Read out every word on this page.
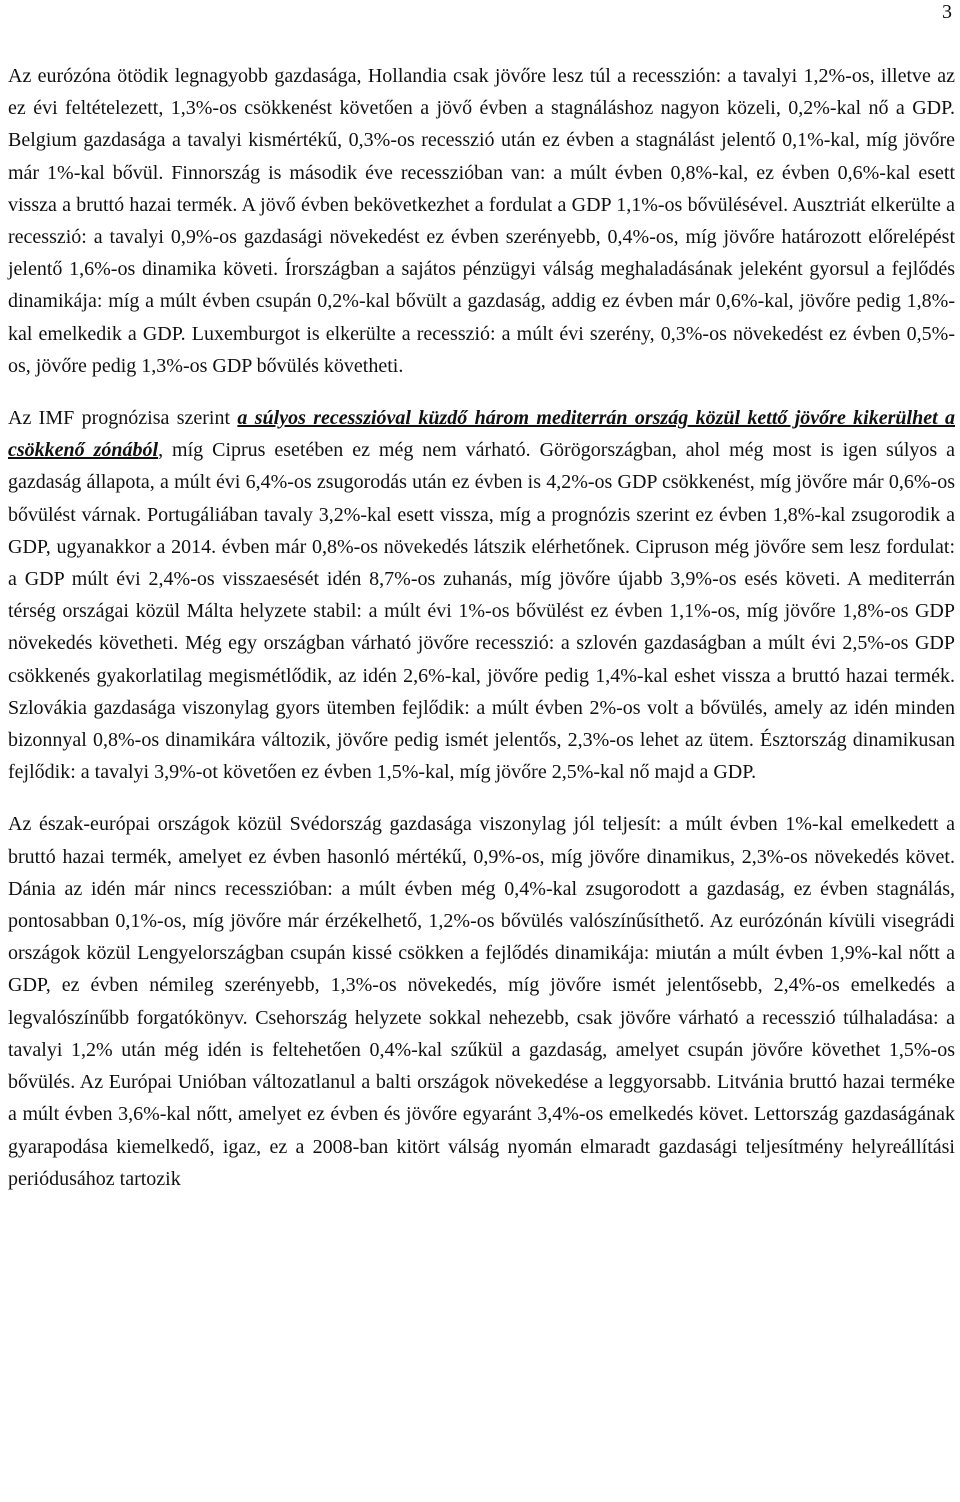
3

Az eurózóna ötödik legnagyobb gazdasága, Hollandia csak jövőre lesz túl a recesszión: a tavalyi 1,2%-os, illetve az ez évi feltételezett, 1,3%-os csökkenést követően a jövő évben a stagnáláshoz nagyon közeli, 0,2%-kal nő a GDP. Belgium gazdasága a tavalyi kismértékű, 0,3%-os recesszió után ez évben a stagnálást jelentő 0,1%-kal, míg jövőre már 1%-kal bővül. Finnország is második éve recesszióban van: a múlt évben 0,8%-kal, ez évben 0,6%-kal esett vissza a bruttó hazai termék. A jövő évben bekövetkezhet a fordulat a GDP 1,1%-os bővülésével. Ausztriát elkerülte a recesszió: a tavalyi 0,9%-os gazdasági növekedést ez évben szerényebb, 0,4%-os, míg jövőre határozott előrelépést jelentő 1,6%-os dinamika követi. Írországban a sajátos pénzügyi válság meghaladásának jeleként gyorsul a fejlődés dinamikája: míg a múlt évben csupán 0,2%-kal bővült a gazdaság, addig ez évben már 0,6%-kal, jövőre pedig 1,8%-kal emelkedik a GDP. Luxemburgot is elkerülte a recesszió: a múlt évi szerény, 0,3%-os növekedést ez évben 0,5%-os, jövőre pedig 1,3%-os GDP bővülés követheti.

Az IMF prognózisa szerint a súlyos recesszióval küzdő három mediterrán ország közül kettő jövőre kikerülhet a csökkenő zónából, míg Ciprus esetében ez még nem várható. Görögországban, ahol még most is igen súlyos a gazdaság állapota, a múlt évi 6,4%-os zsugorodás után ez évben is 4,2%-os GDP csökkenést, míg jövőre már 0,6%-os bővülést várnak. Portugáliában tavaly 3,2%-kal esett vissza, míg a prognózis szerint ez évben 1,8%-kal zsugorodik a GDP, ugyanakkor a 2014. évben már 0,8%-os növekedés látszik elérhetőnek. Cipruson még jövőre sem lesz fordulat: a GDP múlt évi 2,4%-os visszaesését idén 8,7%-os zuhanás, míg jövőre újabb 3,9%-os esés követi. A mediterrán térség országai közül Málta helyzete stabil: a múlt évi 1%-os bővülést ez évben 1,1%-os, míg jövőre 1,8%-os GDP növekedés követheti. Még egy országban várható jövőre recesszió: a szlovén gazdaságban a múlt évi 2,5%-os GDP csökkenés gyakorlatilag megismétlődik, az idén 2,6%-kal, jövőre pedig 1,4%-kal eshet vissza a bruttó hazai termék. Szlovákia gazdasága viszonylag gyors ütemben fejlődik: a múlt évben 2%-os volt a bővülés, amely az idén minden bizonnyal 0,8%-os dinamikára változik, jövőre pedig ismét jelentős, 2,3%-os lehet az ütem. Észtország dinamikusan fejlődik: a tavalyi 3,9%-ot követően ez évben 1,5%-kal, míg jövőre 2,5%-kal nő majd a GDP.

Az észak-európai országok közül Svédország gazdasága viszonylag jól teljesít: a múlt évben 1%-kal emelkedett a bruttó hazai termék, amelyet ez évben hasonló mértékű, 0,9%-os, míg jövőre dinamikus, 2,3%-os növekedés követ. Dánia az idén már nincs recesszióban: a múlt évben még 0,4%-kal zsugorodott a gazdaság, ez évben stagnálás, pontosabban 0,1%-os, míg jövőre már érzékelhető, 1,2%-os bővülés valószínűsíthető. Az eurózónán kívüli visegrádi országok közül Lengyelországban csupán kissé csökken a fejlődés dinamikája: miután a múlt évben 1,9%-kal nőtt a GDP, ez évben némileg szerényebb, 1,3%-os növekedés, míg jövőre ismét jelentősebb, 2,4%-os emelkedés a legvalószínűbb forgatókönyv. Csehország helyzete sokkal nehezebb, csak jövőre várható a recesszió túlhaladása: a tavalyi 1,2% után még idén is feltehetően 0,4%-kal szűkül a gazdaság, amelyet csupán jövőre követhet 1,5%-os bővülés. Az Európai Unióban változatlanul a balti országok növekedése a leggyorsabb. Litvánia bruttó hazai terméke a múlt évben 3,6%-kal nőtt, amelyet ez évben és jövőre egyaránt 3,4%-os emelkedés követ. Lettország gazdaságának gyarapodása kiemelkedő, igaz, ez a 2008-ban kitört válság nyomán elmaradt gazdasági teljesítmény helyreállítási periódusához tartozik
